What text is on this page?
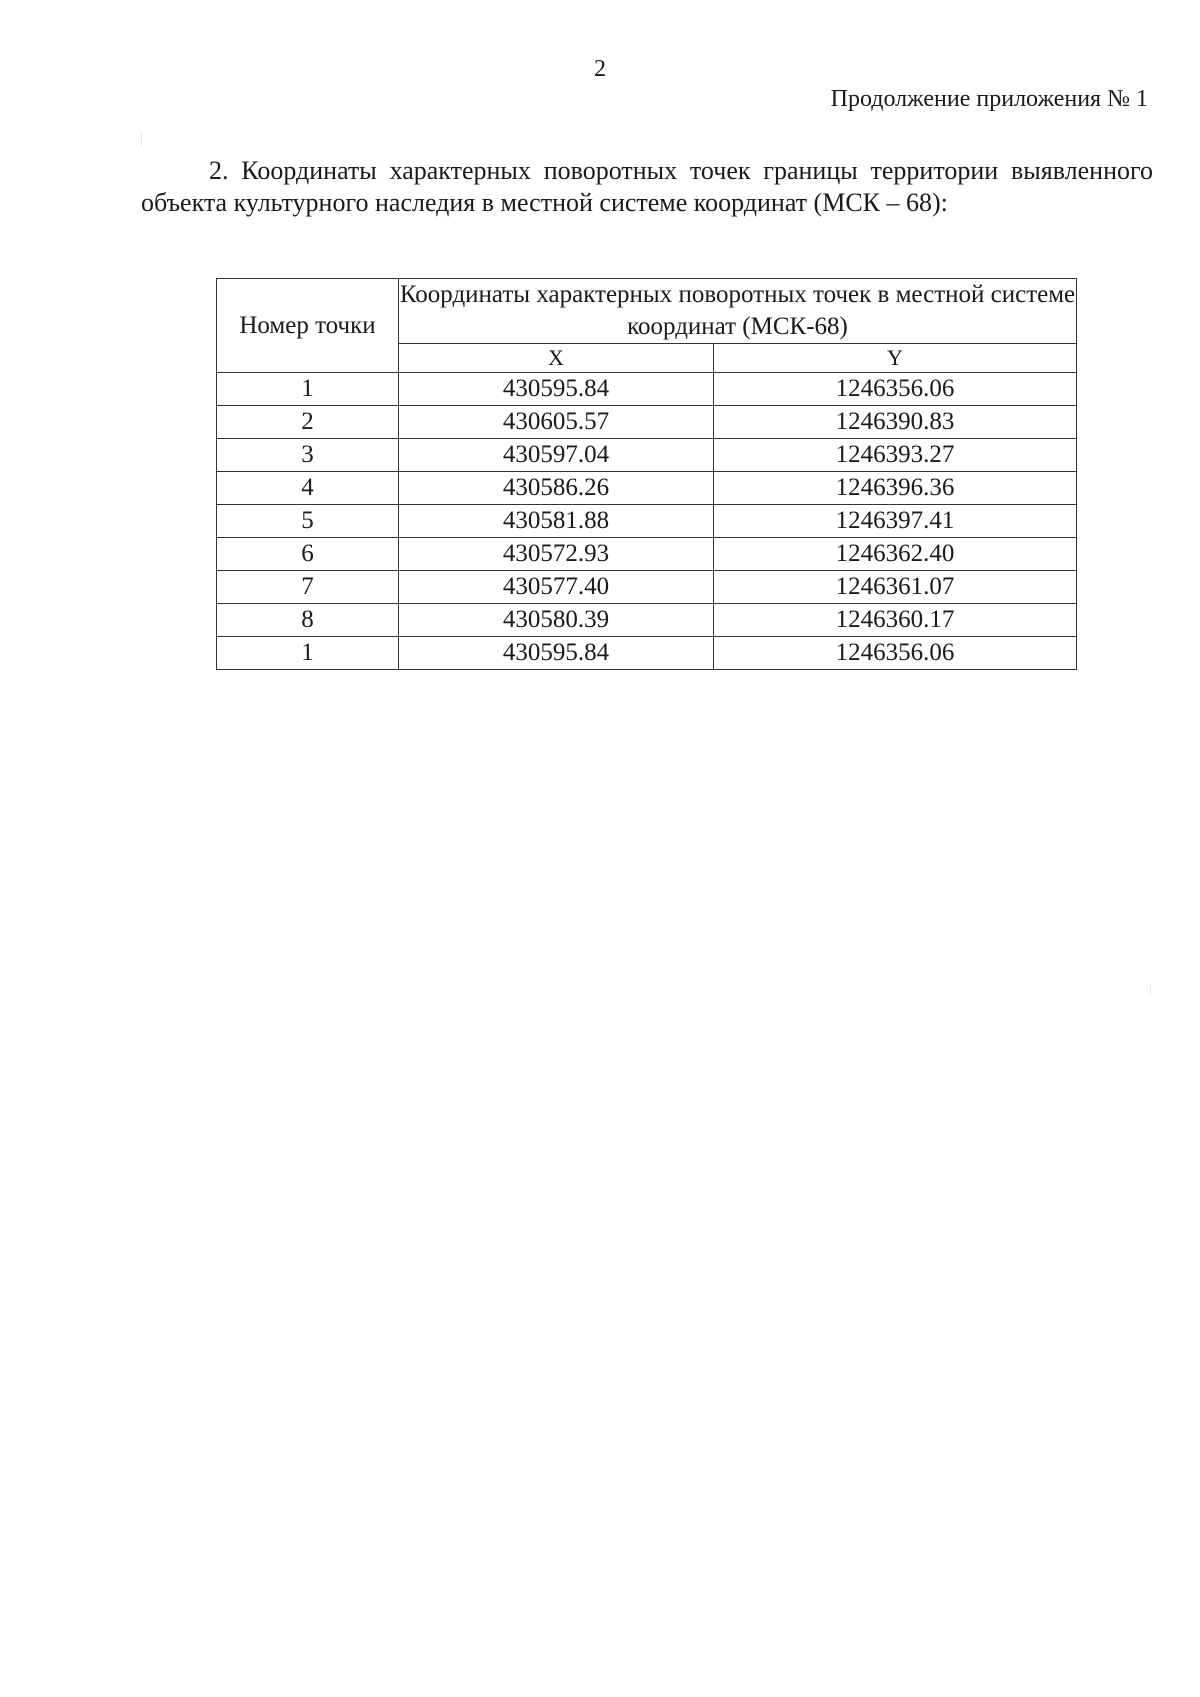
2
Продолжение приложения № 1
2. Координаты характерных поворотных точек границы территории выявленного объекта культурного наследия в местной системе координат (МСК – 68):
Номер точки	Координаты характерных поворотных точек в местной системе координат (МСК-68)	
	X	Y
1	430595.84	1246356.06
2	430605.57	1246390.83
3	430597.04	1246393.27
4	430586.26	1246396.36
5	430581.88	1246397.41
6	430572.93	1246362.40
7	430577.40	1246361.07
8	430580.39	1246360.17
1	430595.84	1246356.06
